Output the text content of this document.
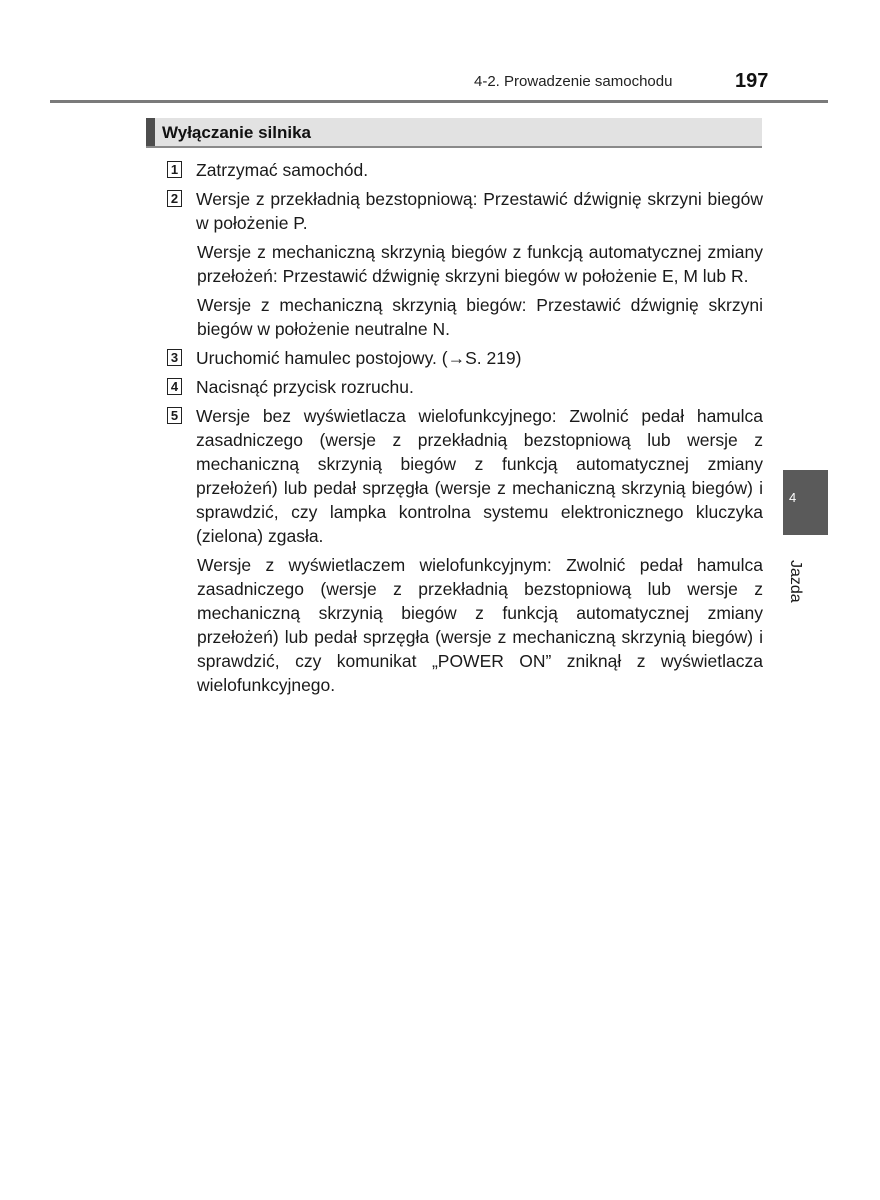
4-2. Prowadzenie samochodu	197
Wyłączanie silnika
1 Zatrzymać samochód.

2 Wersje z przekładnią bezstopniową: Przestawić dźwignię skrzyni biegów w położenie P.

Wersje z mechaniczną skrzynią biegów z funkcją automatycznej zmiany przełożeń: Przestawić dźwignię skrzyni biegów w położenie E, M lub R.

Wersje z mechaniczną skrzynią biegów: Przestawić dźwignię skrzyni biegów w położenie neutralne N.

3 Uruchomić hamulec postojowy. (→S. 219)

4 Nacisnąć przycisk rozruchu.

5 Wersje bez wyświetlacza wielofunkcyjnego: Zwolnić pedał hamulca zasadniczego (wersje z przekładnią bezstopniową lub wersje z mechaniczną skrzynią biegów z funkcją automatycznej zmiany przełożeń) lub pedał sprzęgła (wersje z mechaniczną skrzynią biegów) i sprawdzić, czy lampka kontrolna systemu elektronicznego kluczyka (zielona) zgasła.

Wersje z wyświetlaczem wielofunkcyjnym: Zwolnić pedał hamulca zasadniczego (wersje z przekładnią bezstopniową lub wersje z mechaniczną skrzynią biegów z funkcją automatycznej zmiany przełożeń) lub pedał sprzęgła (wersje z mechaniczną skrzynią biegów) i sprawdzić, czy komunikat „POWER ON” zniknął z wyświetlacza wielofunkcyjnego.

4
Jazda
